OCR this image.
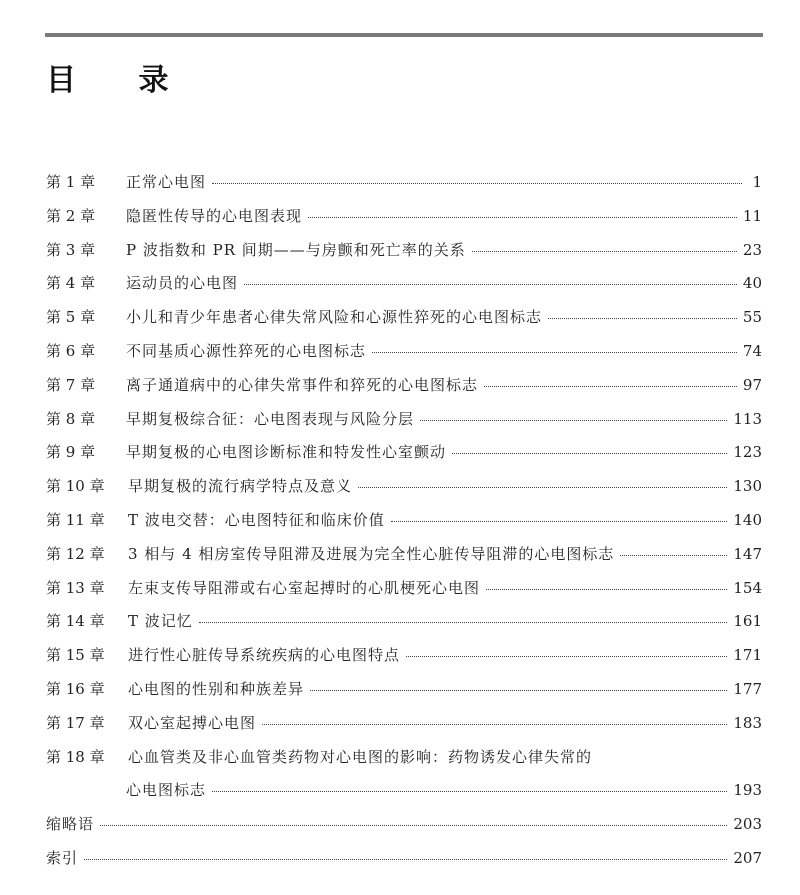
目 录
第 1 章	正常心电图	1
第 2 章	隐匿性传导的心电图表现	11
第 3 章	P 波指数和 PR 间期——与房颤和死亡率的关系	23
第 4 章	运动员的心电图	40
第 5 章	小儿和青少年患者心律失常风险和心源性猝死的心电图标志	55
第 6 章	不同基质心源性猝死的心电图标志	74
第 7 章	离子通道病中的心律失常事件和猝死的心电图标志	97
第 8 章	早期复极综合征：心电图表现与风险分层	113
第 9 章	早期复极的心电图诊断标准和特发性心室颤动	123
第 10 章	早期复极的流行病学特点及意义	130
第 11 章	T 波电交替：心电图特征和临床价值	140
第 12 章	3 相与 4 相房室传导阻滞及进展为完全性心脏传导阻滞的心电图标志	147
第 13 章	左束支传导阻滞或右心室起搏时的心肌梗死心电图	154
第 14 章	T 波记忆	161
第 15 章	进行性心脏传导系统疾病的心电图特点	171
第 16 章	心电图的性别和种族差异	177
第 17 章	双心室起搏心电图	183
第 18 章	心血管类及非心血管类药物对心电图的影响：药物诱发心律失常的
心电图标志	193
缩略语	203
索引	207
